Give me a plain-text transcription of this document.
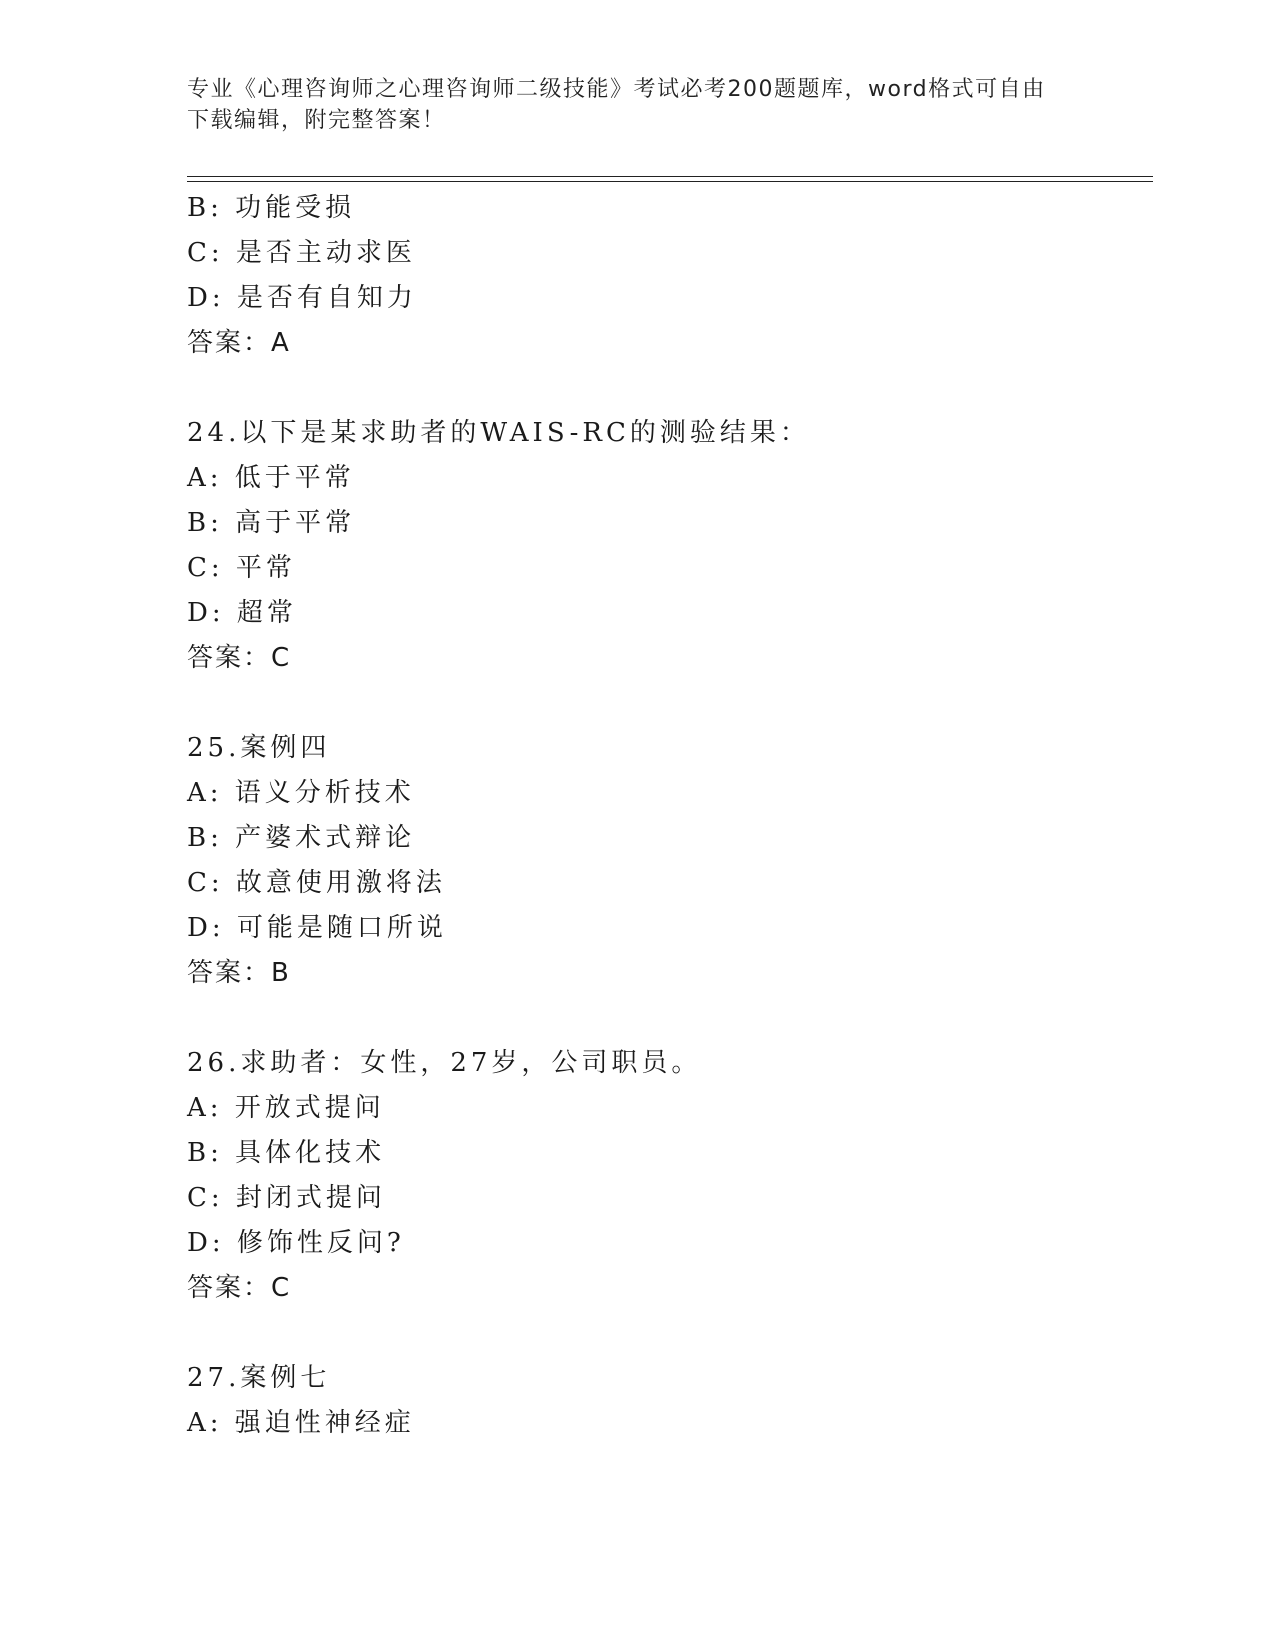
专业《心理咨询师之心理咨询师二级技能》考试必考200题题库，word格式可自由下载编辑，附完整答案！
B: 功能受损
C: 是否主动求医
D: 是否有自知力
答案：A
24.以下是某求助者的WAIS-RC的测验结果：
A: 低于平常
B: 高于平常
C: 平常
D: 超常
答案：C
25.案例四
A: 语义分析技术
B: 产婆术式辩论
C: 故意使用激将法
D: 可能是随口所说
答案：B
26.求助者：女性，27岁，公司职员。
A: 开放式提问
B: 具体化技术
C: 封闭式提问
D: 修饰性反问?
答案：C
27.案例七
A: 强迫性神经症
